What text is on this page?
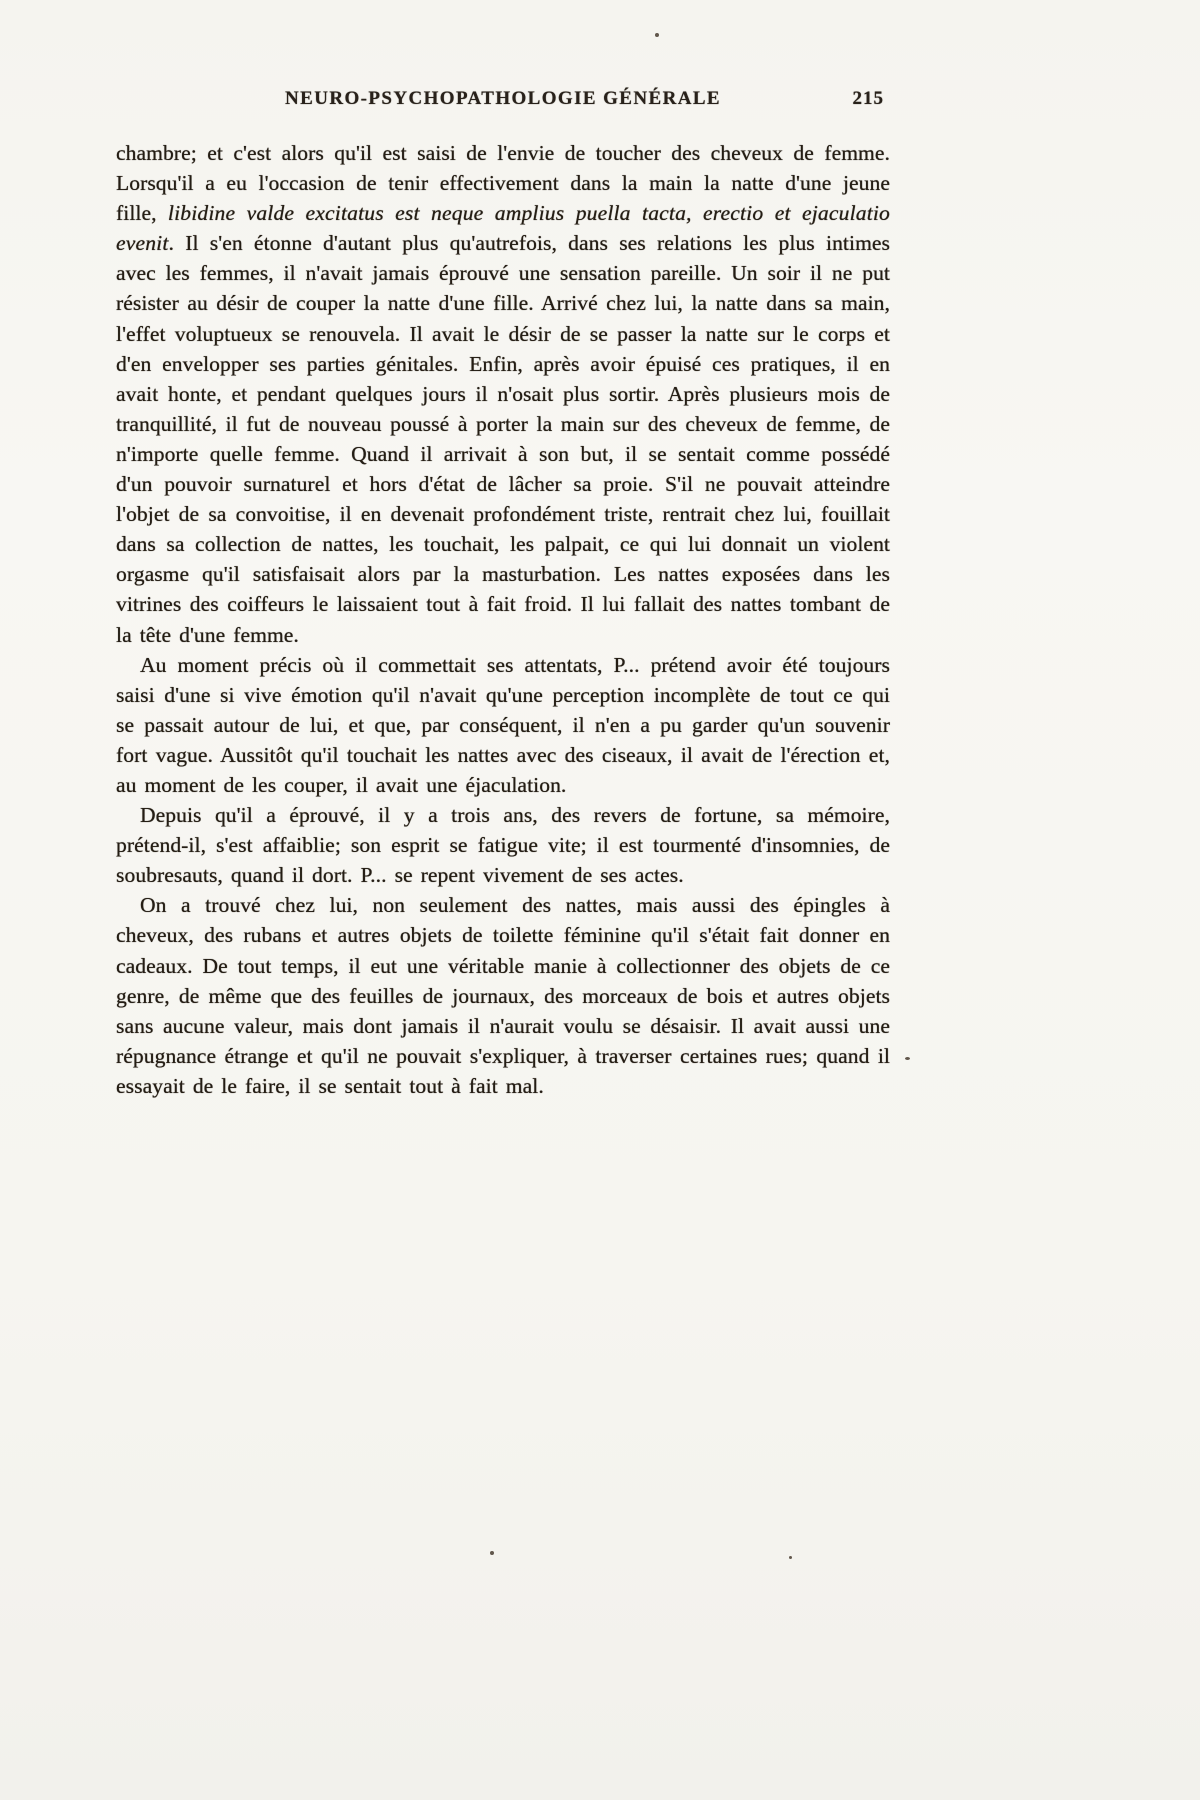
NEURO-PSYCHOPATHOLOGIE GÉNÉRALE	215

chambre; et c'est alors qu'il est saisi de l'envie de toucher des cheveux de femme. Lorsqu'il a eu l'occasion de tenir effectivement dans la main la natte d'une jeune fille, libidine valde excitatus est neque amplius puella tacta, erectio et ejaculatio evenit. Il s'en étonne d'autant plus qu'autrefois, dans ses relations les plus intimes avec les femmes, il n'avait jamais éprouvé une sensation pareille. Un soir il ne put résister au désir de couper la natte d'une fille. Arrivé chez lui, la natte dans sa main, l'effet voluptueux se renouvela. Il avait le désir de se passer la natte sur le corps et d'en envelopper ses parties génitales. Enfin, après avoir épuisé ces pratiques, il en avait honte, et pendant quelques jours il n'osait plus sortir. Après plusieurs mois de tranquillité, il fut de nouveau poussé à porter la main sur des cheveux de femme, de n'importe quelle femme. Quand il arrivait à son but, il se sentait comme possédé d'un pouvoir surnaturel et hors d'état de lâcher sa proie. S'il ne pouvait atteindre l'objet de sa convoitise, il en devenait profondément triste, rentrait chez lui, fouillait dans sa collection de nattes, les touchait, les palpait, ce qui lui donnait un violent orgasme qu'il satisfaisait alors par la masturbation. Les nattes exposées dans les vitrines des coiffeurs le laissaient tout à fait froid. Il lui fallait des nattes tombant de la tête d'une femme.

Au moment précis où il commettait ses attentats, P... prétend avoir été toujours saisi d'une si vive émotion qu'il n'avait qu'une perception incomplète de tout ce qui se passait autour de lui, et que, par conséquent, il n'en a pu garder qu'un souvenir fort vague. Aussitôt qu'il touchait les nattes avec des ciseaux, il avait de l'érection et, au moment de les couper, il avait une éjaculation.

Depuis qu'il a éprouvé, il y a trois ans, des revers de fortune, sa mémoire, prétend-il, s'est affaiblie; son esprit se fatigue vite; il est tourmenté d'insomnies, de soubresauts, quand il dort. P... se repent vivement de ses actes.

On a trouvé chez lui, non seulement des nattes, mais aussi des épingles à cheveux, des rubans et autres objets de toilette féminine qu'il s'était fait donner en cadeaux. De tout temps, il eut une véritable manie à collectionner des objets de ce genre, de même que des feuilles de journaux, des morceaux de bois et autres objets sans aucune valeur, mais dont jamais il n'aurait voulu se désaisir. Il avait aussi une répugnance étrange et qu'il ne pouvait s'expliquer, à traverser certaines rues; quand il essayait de le faire, il se sentait tout à fait mal.
